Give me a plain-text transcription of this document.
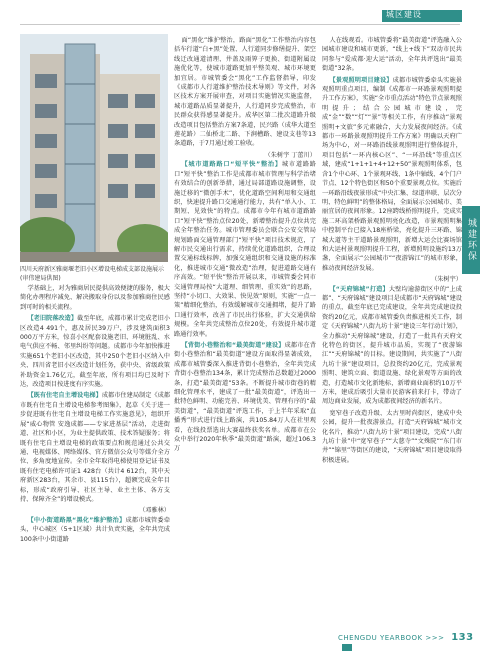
城区建设
城建环保
四川天府新区雅商堰老旧小区增设电梯成支部设施展示 (审伟建局供图)

学基础上，对为雅商居民提供高效便捷的服务，极大简化办理程序减免、解决搬取身份以及参加雅商住民感到可时的相关流程。

【老旧院落改造】截至年底，成都市累计完成老旧小区改造4 491个，惠及居民39万户，涉及建筑面积3 000万平方米，惊喜小区配套设施老旧、环境脏乱、水电气供应不畅、邻里纠纷等问题。成都市今年加快推进实施651个老旧小区改造，其中250个老旧小区纳入中央、四川省老旧小区改造计划任务，获中央、省级政策补助资金1.76亿元，截至年底，所有项目均已及时下达，改造项目按进度有序实施。

【既有住宅自主增设电梯】成都市住建局制定《成都市既有住宅自主增设电梯参考图集》，起草《关于进一步促进既有住宅自主增设电梯工作实施意见》，组织开展“威心物管 安逸成都——专家进基层”活动，走进街道、社区和小区，为业主提供政策、技术答疑服务；将既有住宅自主增设电梯的政策要点和规范通过公共交通、电视媒体、网络媒体、官方微信公众号等媒介全方位、多角度地宣传。全市全年取得电梯使用登记证书及既有住宅电梯许可证1 428台（共计4 612台，其中天府新区283台，其余市、县115台），超额完成全年目标，形成“政府引导、社区主导、业主主体、各方支持、保障齐全”的增设模式。

（邓雅林）

【中小街道路黑“黑化”维护整治】成都市城管委牵头，中心城区（5+1区域）共计负责实施，全年共完成100条中小街道路

面“黑化”维护整治，路面“黑化”工作整治内容包括车行道“白+黑”处置、人行道同步修缮提升、架空线迁改通道清理、井盖及雨箅子更换、街道附属设施优化等，使城市道路更加平整美观、城市环境更加宜居。市城管委会“黑化”工作监督指导，印发《成都市人行道维护整治技术导则》等文件，对各区技术方案开展审查，对项目实施情况实施监督，城市道路品质显著提升，人行道同步完成整治，市民群众获得感显著提升。成华区第二批次道路升级改造项目包括整治方案7条道，民兴路（成华大道至莲花路）二仙桥北二路、下涧槽路、建设支巷等13条道路，于7月通过竣工验收。

（朱树宇 丁蕾川）

【城市道路路口“短平快”整治】城市道路路口“短平快”整治工作是成都市城市管理与科学治堵有效结合的创新举措，通过局部道路设施调整，设施迁移的“微创手术”，优化道路空间利用和交通组织，快速提升路口交通通行能力，共有“单入小、工期短、见效快”的特点。成都市今年有城市道路路口“短平快”整治点位20处，新增整治提升点位共完成全年整治任务。城市管理委员会联合公安交管局规划路面交通管理部门“短平快”项目技术规范，了解市民交通出行需求，持续优化道路组织，合理设置交通标线标牌，加强交通组织和交通设施的标准化，推进城市交通“微改造”治理，促进道路交通有序高效。“短平快”整治开展以来，市城管委会同市交通管理局按“大道理、细管理、重实效”的思路，坚持“小切口、大效果、快见效”原则，实施“一点一策”精细化整治，有效缓解城市交通拥堵，提升了路口通行效率，改善了市民出行体验，扩大交通供给规模。全年共完成整治点位20处，有效提升城市道路通行效率。

【背街小巷整治和“最美街道”建设】成都市在背街小巷整治和“最美街道”建设方面取得显著成效，成都市城管委深入推进背街小巷整治，全年共完成背街小巷整治134条，累计完成整治总数超过2000条，打造“最美街道”53条。不断提升城市街巷的精细化管理水平，建成了一批“最美街道”，评选出一批特色鲜明、功能完善、环境优美、管理有序的“最美街道”，“最美街道”评选工作，于上半年采取“直播秀”形式进行线上路演，共105.84万人在社里观看，在线投票选出大赛最终获奖名单。成都市在公众中举行2020年秋季“最美街道”路演，超过106.3万

人在线观看。市城管委将“最美街道”评选融入公园城市建设和城市更新，“线上+线下”双动市民共同参与“爱成都·迎大运”活动，全年共评选出“最美街道”32条。

【景观照明项目建设】成都市城管委牵头实施景观照明重点项目，编制《成都市一环路景观照明提升工作方案》，实施“全市重点活动”特色节点景观照明提升；结合公园城市建设，完成“金”“数”“灯”“景”等相关工作，有序推动“景观照明+文旅”多元素融合，大力发展夜间经济。《成都市一环路景观照明提升工作方案》明确以天府广场为中心，对一环路沿线景观照明进行整体提升，项目包括“一环内核心区”、“一环沿线”等重点区域，建成“1+1+1+4+12+50”景观照明体系，包含1个中心环、1个景观环线、1条中轴线、4个门户节点、12个特色街区和50个重要景观点位。实施后一环路沿线夜景形成“中央汇集、绿道串联、层次分明、特色鲜明”的整体格局，全面展示公园城市、美丽宜居的夜间形象。12座跨线桥照明提升，完成实施二环高架桥路景观照明亮化改造，市景观照明集中控制平台已接入18座桥梁，亮化提升三环路、锦城大道等主干道路景观照明，新增大运会比赛场馆和大运村景观照明提升工程，新增照明设施约13万盏，全面展示“公园城市”“夜游锦江”的城市形象，推动夜间经济发展。

（朱树宇）

【“天府锦城”打造】大壁均逾游街区中的“上成都”、“天府锦城”建设项目是成都市“天府锦城”建设的重点，截至年底已完成建设，全年共完成建设投资约20亿元，成都市城管委负责推进相关工作，制定《天府锦城“八街九坊十景”建设三年行动计划》，全力推动“天府锦城”建设，打造了一批具有天府文化特色的街区，提升城市品质，实现了“夜游锦江”“天府锦城”的目标。建设期间，共实施了“八街九坊十景”建设项目，总投资约20亿元，完成景观照明、建筑立面、街道设施、绿化景观等方面的改造，打造城市文化新地标，新增商业面积约10万平方米，建成后吸引大量市民游客前来打卡，带动了周边商业发展，成为成都夜间经济的新名片。

宽窄巷子改造升级、太古里时尚街区，建成中央公园，提升一批夜游景点，打造“天府锦城”城市文化名片，推动“八街九坊十景”项目建设，完成“八街九坊十景”中“宽窄巷子”“大慈寺”“文殊院”“东门市井”“锦里”等街区的建设，“天府锦城”项目建设取得积极进展。

CHENGDU YEARBOOK >>> 133
